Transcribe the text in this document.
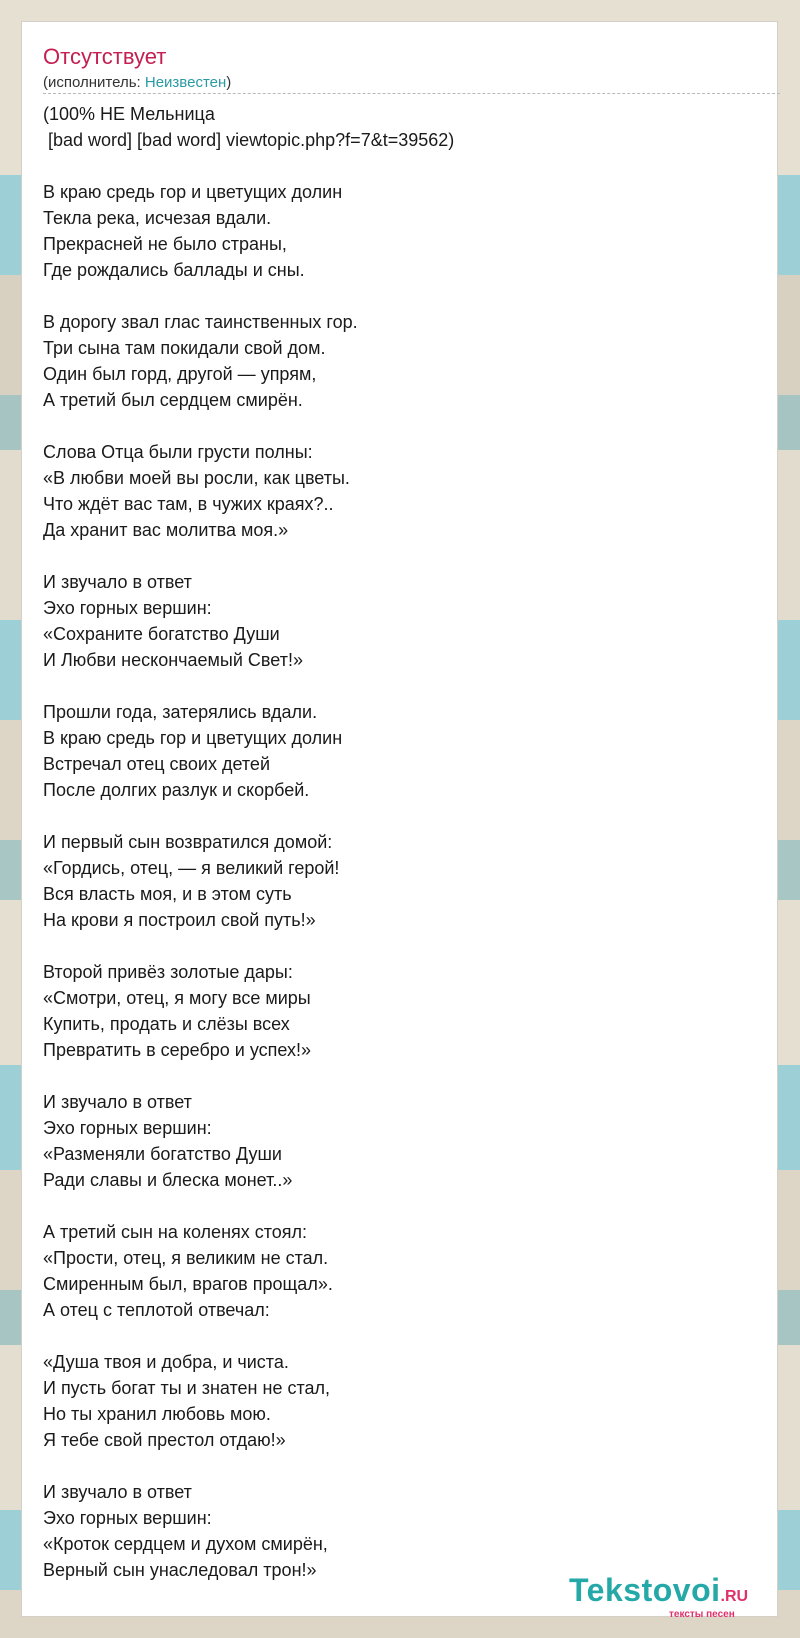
Отсутствует
(исполнитель: Неизвестен)
(100% НЕ Мельница
[bad word] [bad word] viewtopic.php?f=7&t=39562)

В краю средь гор и цветущих долин
Текла река, исчезая вдали.
Прекрасней не было страны,
Где рождались баллады и сны.

В дорогу звал глас таинственных гор.
Три сына там покидали свой дом.
Один был горд, другой — упрям,
А третий был сердцем смирён.

Слова Отца были грусти полны:
«В любви моей вы росли, как цветы.
Что ждёт вас там, в чужих краях?..
Да хранит вас молитва моя.»

И звучало в ответ
Эхо горных вершин:
«Сохраните богатство Души
И Любви нескончаемый Свет!»

Прошли года, затерялись вдали.
В краю средь гор и цветущих долин
Встречал отец своих детей
После долгих разлук и скорбей.

И первый сын возвратился домой:
«Гордись, отец, — я великий герой!
Вся власть моя, и в этом суть
На крови я построил свой путь!»

Второй привёз золотые дары:
«Смотри, отец, я могу все миры
Купить, продать и слёзы всех
Превратить в серебро и успех!»

И звучало в ответ
Эхо горных вершин:
«Разменяли богатство Души
Ради славы и блеска монет..»

А третий сын на коленях стоял:
«Прости, отец, я великим не стал.
Смиренным был, врагов прощал».
А отец с теплотой отвечал:

«Душа твоя и добра, и чиста.
И пусть богат ты и знатен не стал,
Но ты хранил любовь мою.
Я тебе свой престол отдаю!»

И звучало в ответ
Эхо горных вершин:
«Кроток сердцем и духом смирён,
Верный сын унаследовал трон!»
Tekstovoi.RU
тексты песен
